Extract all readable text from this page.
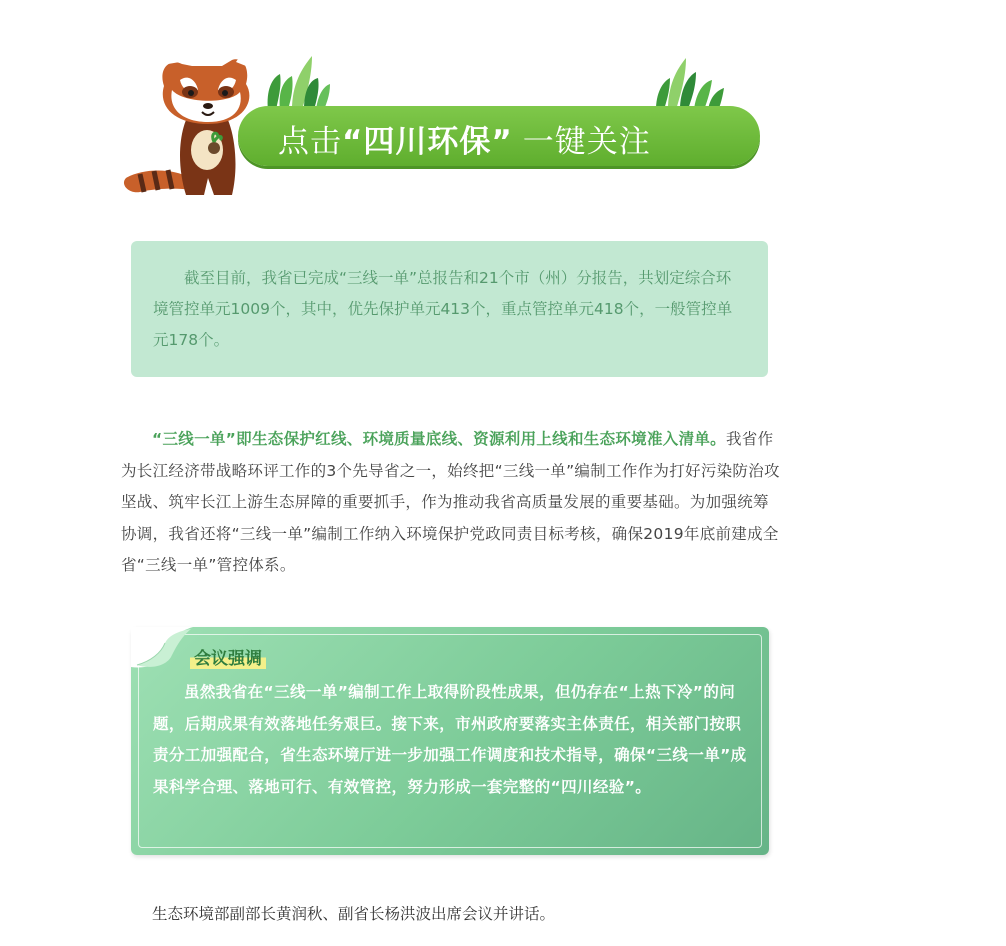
点击“四川环保” 一键关注

截至目前，我省已完成“三线一单”总报告和21个市（州）分报告，共划定综合环境管控单元1009个，其中，优先保护单元413个，重点管控单元418个，一般管控单元178个。

“三线一单”即生态保护红线、环境质量底线、资源利用上线和生态环境准入清单。我省作为长江经济带战略环评工作的3个先导省之一，始终把“三线一单”编制工作作为打好污染防治攻坚战、筑牢长江上游生态屏障的重要抓手，作为推动我省高质量发展的重要基础。为加强统筹协调，我省还将“三线一单”编制工作纳入环境保护党政同责目标考核，确保2019年底前建成全省“三线一单”管控体系。

会议强调

虽然我省在“三线一单”编制工作上取得阶段性成果，但仍存在“上热下冷”的问题，后期成果有效落地任务艰巨。接下来，市州政府要落实主体责任，相关部门按职责分工加强配合，省生态环境厅进一步加强工作调度和技术指导，确保“三线一单”成果科学合理、落地可行、有效管控，努力形成一套完整的“四川经验”。

生态环境部副部长黄润秋、副省长杨洪波出席会议并讲话。
